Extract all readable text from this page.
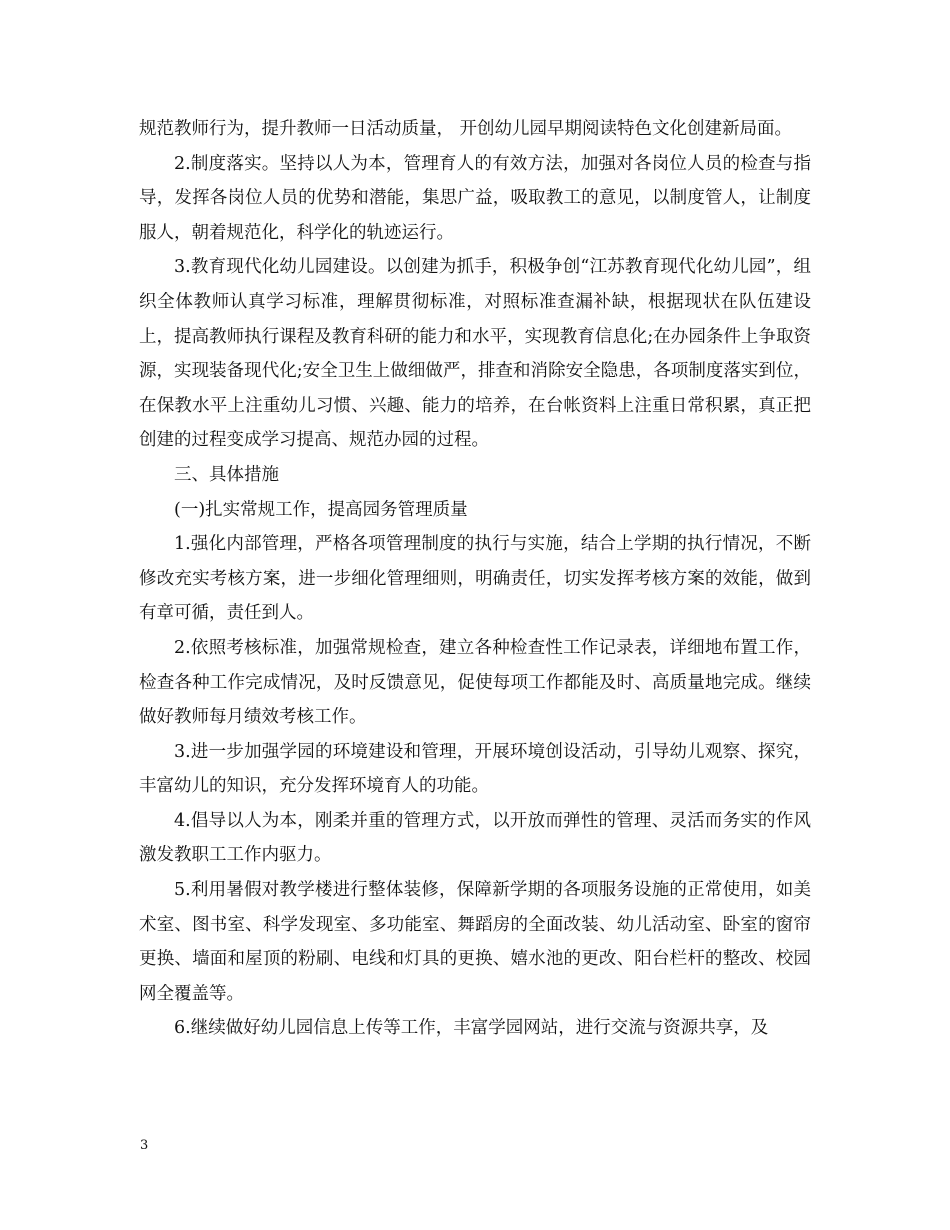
规范教师行为，提升教师一日活动质量， 开创幼儿园早期阅读特色文化创建新局面。

2.制度落实。坚持以人为本，管理育人的有效方法，加强对各岗位人员的检查与指导，发挥各岗位人员的优势和潜能，集思广益，吸取教工的意见，以制度管人，让制度服人，朝着规范化，科学化的轨迹运行。

3.教育现代化幼儿园建设。以创建为抓手，积极争创“江苏教育现代化幼儿园”，组织全体教师认真学习标准，理解贯彻标准，对照标准查漏补缺，根据现状在队伍建设上，提高教师执行课程及教育科研的能力和水平，实现教育信息化;在办园条件上争取资源，实现装备现代化;安全卫生上做细做严，排查和消除安全隐患，各项制度落实到位，在保教水平上注重幼儿习惯、兴趣、能力的培养，在台帐资料上注重日常积累，真正把创建的过程变成学习提高、规范办园的过程。

三、具体措施

(一)扎实常规工作，提高园务管理质量

1.强化内部管理，严格各项管理制度的执行与实施，结合上学期的执行情况，不断修改充实考核方案，进一步细化管理细则，明确责任，切实发挥考核方案的效能，做到有章可循，责任到人。

2.依照考核标准，加强常规检查，建立各种检查性工作记录表，详细地布置工作，检查各种工作完成情况，及时反馈意见，促使每项工作都能及时、高质量地完成。继续做好教师每月绩效考核工作。

3.进一步加强学园的环境建设和管理，开展环境创设活动，引导幼儿观察、探究，丰富幼儿的知识，充分发挥环境育人的功能。

4.倡导以人为本，刚柔并重的管理方式，以开放而弹性的管理、灵活而务实的作风激发教职工工作内驱力。

5.利用暑假对教学楼进行整体装修，保障新学期的各项服务设施的正常使用，如美术室、图书室、科学发现室、多功能室、舞蹈房的全面改装、幼儿活动室、卧室的窗帘更换、墙面和屋顶的粉刷、电线和灯具的更换、嬉水池的更改、阳台栏杆的整改、校园网全覆盖等。

6.继续做好幼儿园信息上传等工作，丰富学园网站，进行交流与资源共享，及

3
